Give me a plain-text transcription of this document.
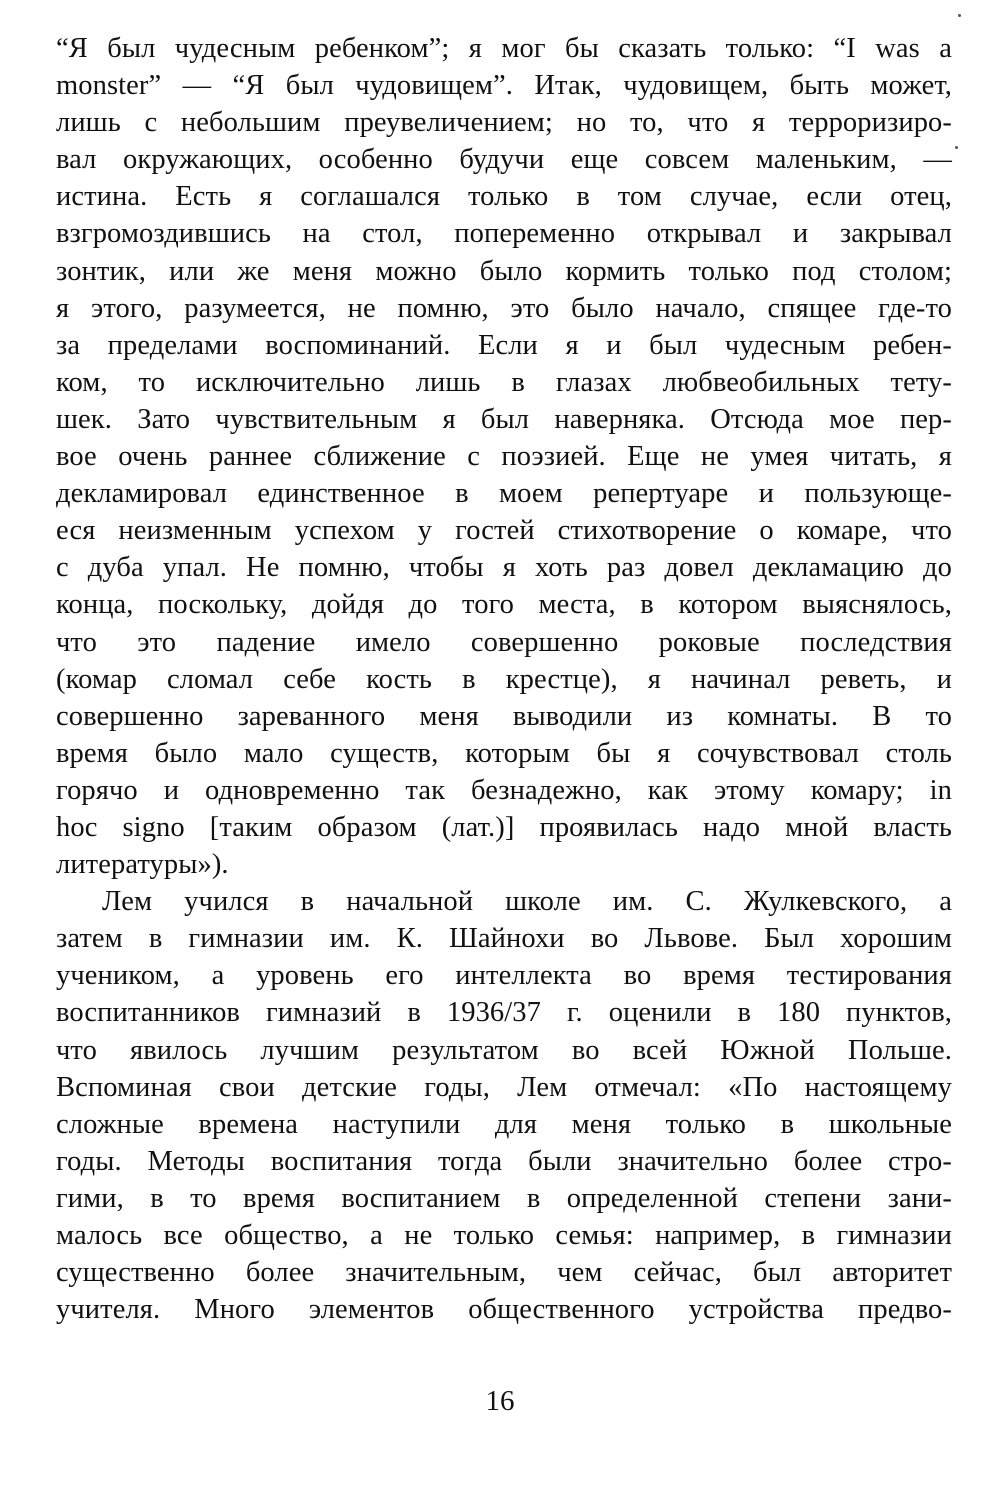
“Я был чудесным ребенком”; я мог бы сказать только: “I was a
monster” — “Я был чудовищем”. Итак, чудовищем, быть может,
лишь с небольшим преувеличением; но то, что я терроризиро-
вал окружающих, особенно будучи еще совсем маленьким, —
истина. Есть я соглашался только в том случае, если отец,
взгромоздившись на стол, попеременно открывал и закрывал
зонтик, или же меня можно было кормить только под столом;
я этого, разумеется, не помню, это было начало, спящее где-то
за пределами воспоминаний. Если я и был чудесным ребен-
ком, то исключительно лишь в глазах любвеобильных тету-
шек. Зато чувствительным я был наверняка. Отсюда мое пер-
вое очень раннее сближение с поэзией. Еще не умея читать, я
декламировал единственное в моем репертуаре и пользующе-
еся неизменным успехом у гостей стихотворение о комаре, что
с дуба упал. Не помню, чтобы я хоть раз довел декламацию до
конца, поскольку, дойдя до того места, в котором выяснялось,
что это падение имело совершенно роковые последствия
(комар сломал себе кость в крестце), я начинал реветь, и
совершенно зареванного меня выводили из комнаты. В то
время было мало существ, которым бы я сочувствовал столь
горячо и одновременно так безнадежно, как этому комару; in
hoc signo [таким образом (лат.)] проявилась надо мной власть
литературы»).
Лем учился в начальной школе им. С. Жулкевского, а
затем в гимназии им. К. Шайнохи во Львове. Был хорошим
учеником, а уровень его интеллекта во время тестирования
воспитанников гимназий в 1936/37 г. оценили в 180 пунктов,
что явилось лучшим результатом во всей Южной Польше.
Вспоминая свои детские годы, Лем отмечал: «По настоящему
сложные времена наступили для меня только в школьные
годы. Методы воспитания тогда были значительно более стро-
гими, в то время воспитанием в определенной степени зани-
малось все общество, а не только семья: например, в гимназии
существенно более значительным, чем сейчас, был авторитет
учителя. Много элементов общественного устройства предво-
16
